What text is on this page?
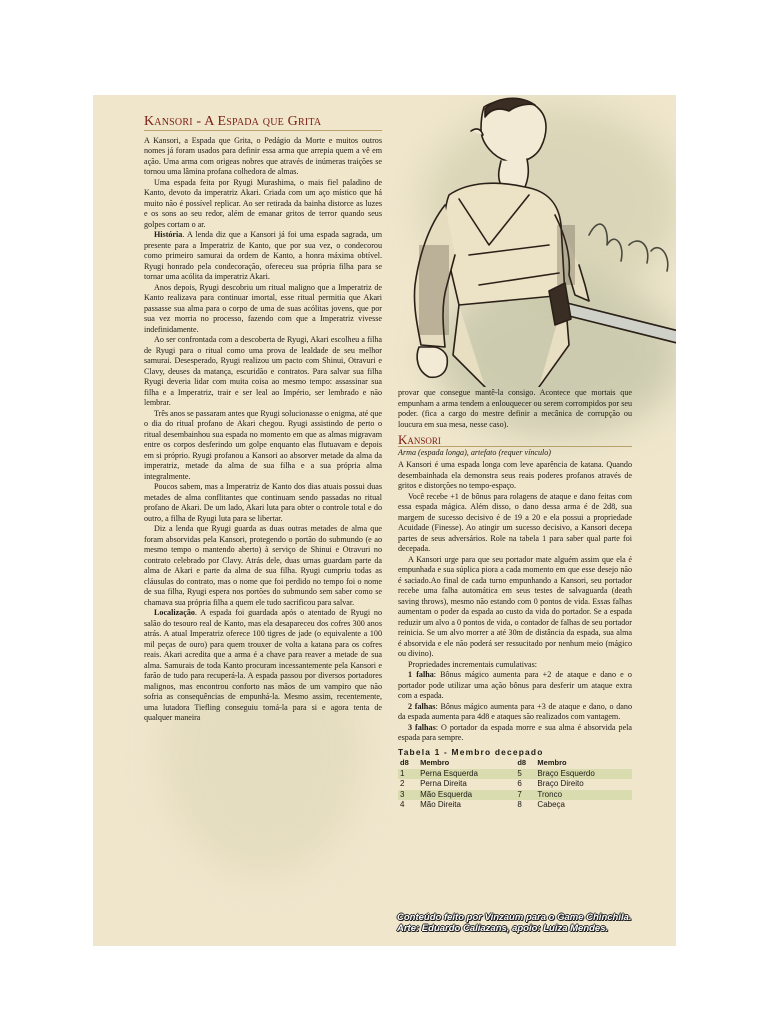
Kansori - A Espada que Grita

A Kansori, a Espada que Grita, o Pedágio da Morte e muitos outros nomes já foram usados para definir essa arma que arrepia quem a vê em ação. Uma arma com origeas nobres que através de inúmeras traições se tornou uma lâmina profana colhedora de almas.

Uma espada feita por Ryugi Murashima, o mais fiel paladino de Kanto, devoto da imperatriz Akari. Criada com um aço místico que há muito não é possível replicar. Ao ser retirada da bainha distorce as luzes e os sons ao seu redor, além de emanar gritos de terror quando seus golpes cortam o ar.

História. A lenda diz que a Kansori já foi uma espada sagrada, um presente para a Imperatriz de Kanto, que por sua vez, o condecorou como primeiro samurai da ordem de Kanto, a honra máxima obtível. Ryugi honrado pela condecoração, ofereceu sua própria filha para se tornar uma acólita da imperatriz Akari.

Anos depois, Ryugi descobriu um ritual maligno que a Imperatriz de Kanto realizava para continuar imortal, esse ritual permitia que Akari passasse sua alma para o corpo de uma de suas acólitas jovens, que por sua vez morria no processo, fazendo com que a Imperatriz vivesse indefinidamente.

Ao ser confrontada com a descoberta de Ryugi, Akari escolheu a filha de Ryugi para o ritual como uma prova de lealdade de seu melhor samurai. Desesperado, Ryugi realizou um pacto com Shinui, Otravuri e Clavy, deuses da matança, escuridão e contratos. Para salvar sua filha Ryugi deveria lidar com muita coisa ao mesmo tempo: assassinar sua filha e a Imperatriz, trair e ser leal ao Império, ser lembrado e não lembrar.

Três anos se passaram antes que Ryugi solucionasse o enigma, até que o dia do ritual profano de Akari chegou. Ryugi assistindo de perto o ritual desembainhou sua espada no momento em que as almas migravam entre os corpos desferindo um golpe enquanto elas flutuavam e depois em si próprio. Ryugi profanou a Kansori ao absorver metade da alma da imperatriz, metade da alma de sua filha e a sua própria alma integralmente.

Poucos sabem, mas a Imperatriz de Kanto dos dias atuais possui duas metades de alma conflitantes que continuam sendo passadas no ritual profano de Akari. De um lado, Akari luta para obter o controle total e do outro, a filha de Ryugi luta para se libertar.

Diz a lenda que Ryugi guarda as duas outras metades de alma que foram absorvidas pela Kansori, protegendo o portão do submundo (e ao mesmo tempo o mantendo aberto) à serviço de Shinui e Otravuri no contrato celebrado por Clavy. Atrás dele, duas urnas guardam parte da alma de Akari e parte da alma de sua filha. Ryugi cumpriu todas as cláusulas do contrato, mas o nome que foi perdido no tempo foi o nome de sua filha, Ryugi espera nos portões do submundo sem saber como se chamava sua própria filha a quem ele tudo sacrificou para salvar.

Localização. A espada foi guardada após o atentado de Ryugi no salão do tesouro real de Kanto, mas ela desapareceu dos cofres 300 anos atrás. A atual Imperatriz oferece 100 tigres de jade (o equivalente a 100 mil peças de ouro) para quem trouxer de volta a katana para os cofres reais. Akari acredita que a arma é a chave para reaver a metade de sua alma. Samurais de toda Kanto procuram incessantemente pela Kansori e farão de tudo para recuperá-la. A espada passou por diversos portadores malignos, mas encontrou conforto nas mãos de um vampiro que não sofria as consequências de empunhá-la. Mesmo assim, recentemente, uma lutadora Tiefling conseguiu tomá-la para si e agora tenta de qualquer maneira

provar que consegue mantê-la consigo. Acontece que mortais que empunham a arma tendem a enlouquecer ou serem corrompidos por seu poder. (fica a cargo do mestre definir a mecânica de corrupção ou loucura em sua mesa, nesse caso).

Kansori
Arma (espada longa), artefato (requer vínculo)

A Kansori é uma espada longa com leve aparência de katana. Quando desembainhada ela demonstra seus reais poderes profanos através de gritos e distorções no tempo-espaço.

Você recebe +1 de bônus para rolagens de ataque e dano feitas com essa espada mágica. Além disso, o dano dessa arma é de 2d8, sua margem de sucesso decisivo é de 19 a 20 e ela possui a propriedade Acuidade (Finesse). Ao atingir um sucesso decisivo, a Kansori decepa partes de seus adversários. Role na tabela 1 para saber qual parte foi decepada.

A Kansori urge para que seu portador mate alguém assim que ela é empunhada e sua súplica piora a cada momento em que esse desejo não é saciado.Ao final de cada turno empunhando a Kansori, seu portador recebe uma falha automática em seus testes de salvaguarda (death saving throws), mesmo não estando com 0 pontos de vida. Essas falhas aumentam o poder da espada ao custo da vida do portador. Se a espada reduzir um alvo a 0 pontos de vida, o contador de falhas de seu portador reinicia. Se um alvo morrer a até 30m de distância da espada, sua alma é absorvida e ele não poderá ser ressucitado por nenhum meio (mágico ou divino).

Propriedades incrementais cumulativas:

1 falha: Bônus mágico aumenta para +2 de ataque e dano e o portador pode utilizar uma ação bônus para desferir um ataque extra com a espada.

2 falhas: Bônus mágico aumenta para +3 de ataque e dano, o dano da espada aumenta para 4d8 e ataques são realizados com vantagem.

3 falhas: O portador da espada morre e sua alma é absorvida pela espada para sempre.

Tabela 1 - Membro decepado
d8	Membro	d8	Membro
1	Perna Esquerda	5	Braço Esquerdo
2	Perna Direita	6	Braço Direito
3	Mão Esquerda	7	Tronco
4	Mão Direita	8	Cabeça
Conteúdo feito por Vinzaum para o Game Chinchila.
Arte: Eduardo Caliazans, apoio: Luiza Mendes.
